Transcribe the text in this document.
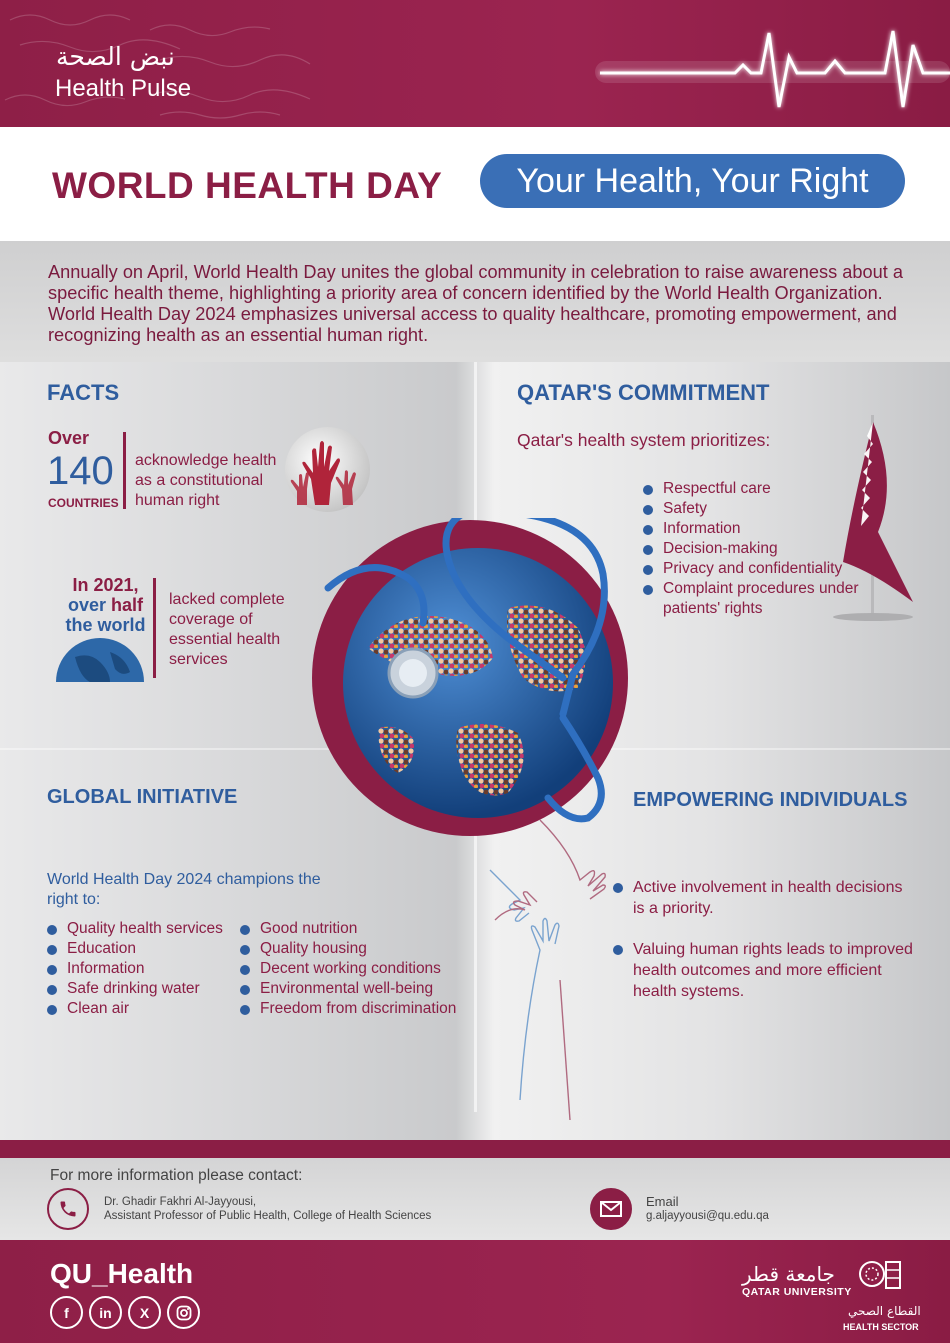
نبض الصحة
Health Pulse
WORLD HEALTH DAY	Your Health, Your Right
Annually on April, World Health Day unites the global community in celebration to raise awareness about a specific health theme, highlighting a priority area of concern identified by the World Health Organization. World Health Day 2024 emphasizes universal access to quality healthcare, promoting empowerment, and recognizing health as an essential human right.
FACTS	QATAR'S COMMITMENT
GLOBAL INITIATIVE	EMPOWERING INDIVIDUALS
Over
140
COUNTRIES
acknowledge health as a constitutional human right
In 2021,
over half
the world
lacked complete coverage of essential health services
Qatar's health system prioritizes:
Respectful care
Safety
Information
Decision-making
Privacy and confidentiality
Complaint procedures under patients' rights
World Health Day 2024 champions the right to:
Quality health services
Education
Information
Safe drinking water
Clean air
Good nutrition
Quality housing
Decent working conditions
Environmental well-being
Freedom from discrimination
Active involvement in health decisions is a priority.
Valuing human rights leads to improved health outcomes and more efficient health systems.
For more information please contact:
Dr. Ghadir Fakhri Al-Jayyousi,
Assistant Professor of Public Health, College of Health Sciences
Email
g.aljayyousi@qu.edu.qa
QU_Health
f	in	X
جامعة قطر
QATAR UNIVERSITY
القطاع الصحي
HEALTH SECTOR
